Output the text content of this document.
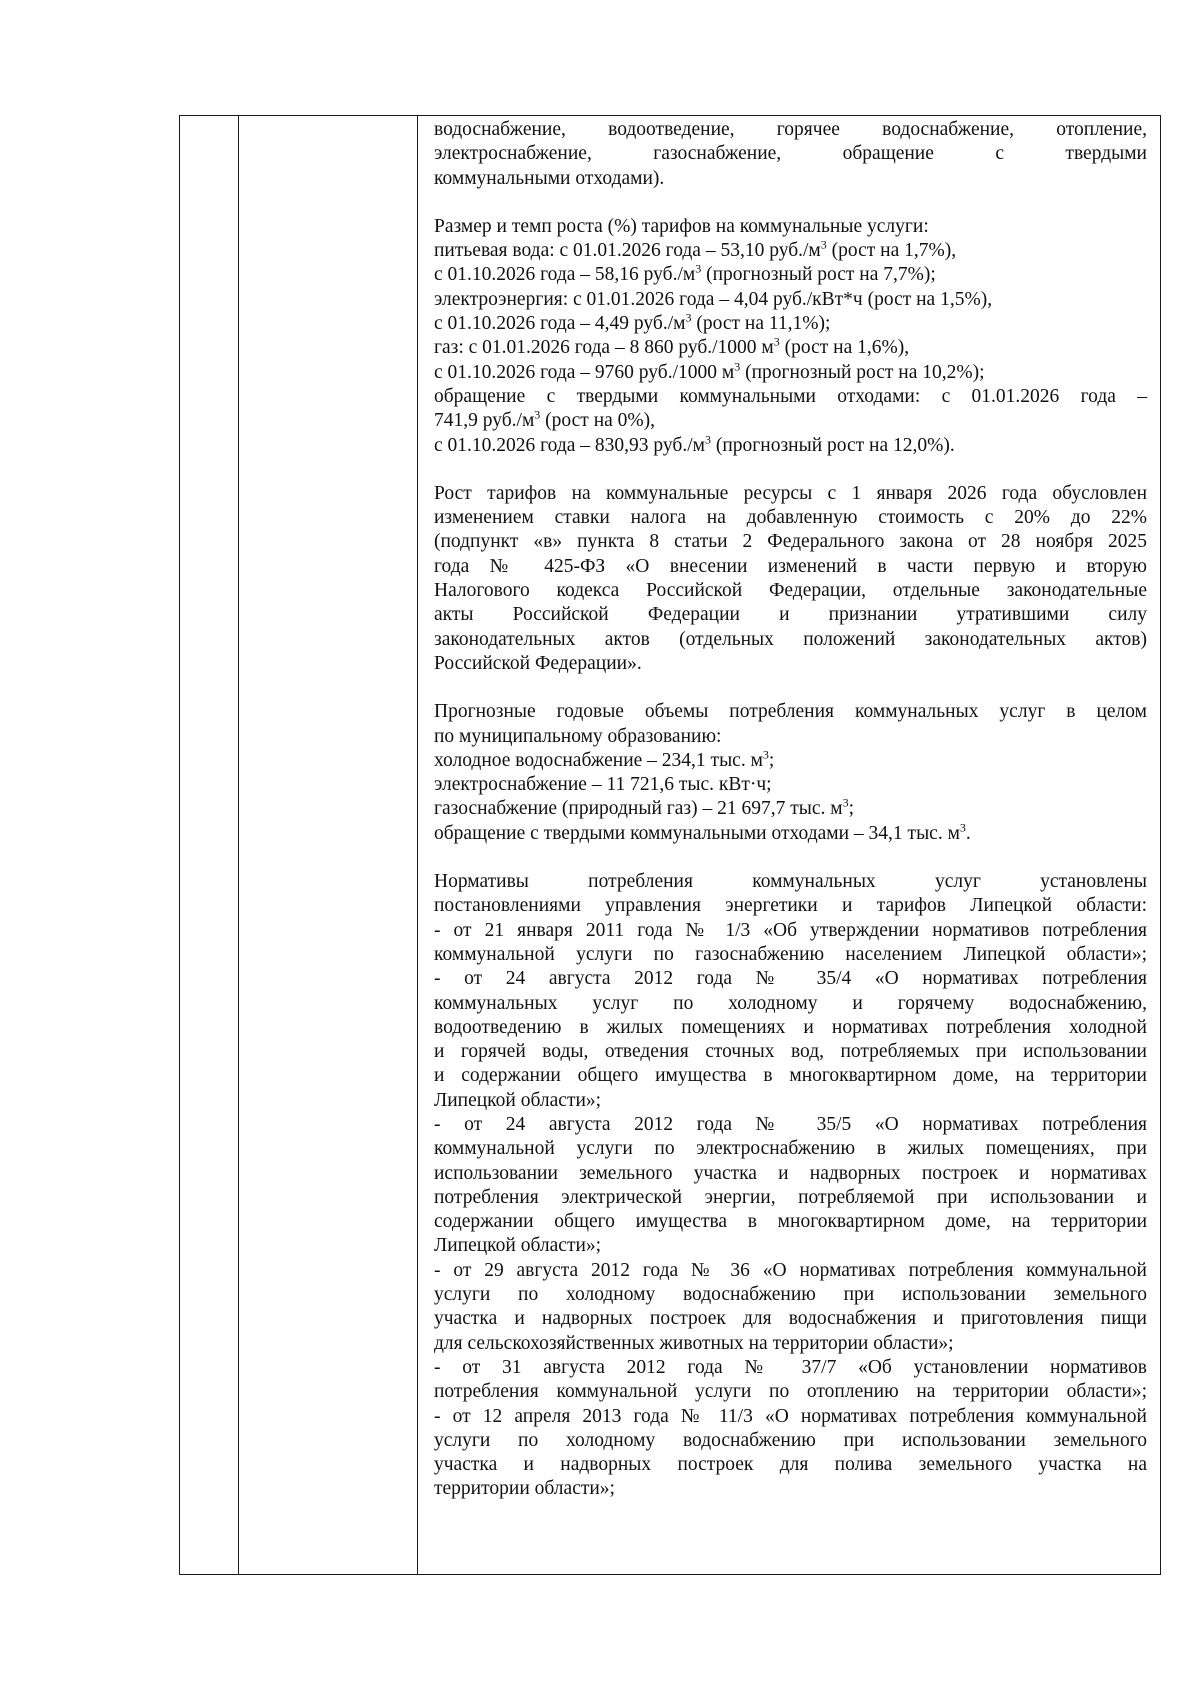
водоснабжение, водоотведение, горячее водоснабжение, отопление,
электроснабжение, газоснабжение, обращение с твердыми
коммунальными отходами).
Размер и темп роста (%) тарифов на коммунальные услуги:
питьевая вода: с 01.01.2026 года – 53,10 $руб./м^3$ (рост на 1,7%),
с 01.10.2026 года – 58,16 $руб./м^3$ (прогнозный рост на 7,7%);
электроэнергия: с 01.01.2026 года – 4,04 руб./кВт*ч (рост на 1,5%),
с 01.10.2026 года – 4,49 $руб./м^3$ (рост на 11,1%);
газ: с 01.01.2026 года – 8 860 руб./1000 $м^3$ (рост на 1,6%),
с 01.10.2026 года – 9760 руб./1000 $м^3$ (прогнозный рост на 10,2%);
обращение с твердыми коммунальными отходами: с 01.01.2026 года –
741,9 $руб./м^3$ (рост на 0%),
с 01.10.2026 года – 830,93 $руб./м^3$ (прогнозный рост на 12,0%).
Рост тарифов на коммунальные ресурсы с 1 января 2026 года обусловлен
изменением ставки налога на добавленную стоимость с 20% до 22%
(подпункт «в» пункта 8 статьи 2 Федерального закона от 28 ноября 2025
года № 425-ФЗ «О внесении изменений в части первую и вторую
Налогового кодекса Российской Федерации, отдельные законодательные
акты Российской Федерации и признании утратившими силу
законодательных актов (отдельных положений законодательных актов)
Российской Федерации».
Прогнозные годовые объемы потребления коммунальных услуг в целом
по муниципальному образованию:
холодное водоснабжение – 234,1 тыс. $м^3$;
электроснабжение – 11 721,6 тыс. кВт·ч;
газоснабжение (природный газ) – 21 697,7 тыс. $м^3$;
обращение с твердыми коммунальными отходами – 34,1 тыс. $м^3$.
Нормативы потребления коммунальных услуг установлены
постановлениями управления энергетики и тарифов Липецкой области:
- от 21 января 2011 года № 1/3 «Об утверждении нормативов потребления
коммунальной услуги по газоснабжению населением Липецкой области»;
- от 24 августа 2012 года № 35/4 «О нормативах потребления
коммунальных услуг по холодному и горячему водоснабжению,
водоотведению в жилых помещениях и нормативах потребления холодной
и горячей воды, отведения сточных вод, потребляемых при использовании
и содержании общего имущества в многоквартирном доме, на территории
Липецкой области»;
- от 24 августа 2012 года № 35/5 «О нормативах потребления
коммунальной услуги по электроснабжению в жилых помещениях, при
использовании земельного участка и надворных построек и нормативах
потребления электрической энергии, потребляемой при использовании и
содержании общего имущества в многоквартирном доме, на территории
Липецкой области»;
- от 29 августа 2012 года № 36 «О нормативах потребления коммунальной
услуги по холодному водоснабжению при использовании земельного
участка и надворных построек для водоснабжения и приготовления пищи
для сельскохозяйственных животных на территории области»;
- от 31 августа 2012 года № 37/7 «Об установлении нормативов
потребления коммунальной услуги по отоплению на территории области»;
- от 12 апреля 2013 года № 11/3 «О нормативах потребления коммунальной
услуги по холодному водоснабжению при использовании земельного
участка и надворных построек для полива земельного участка на
территории области»;
